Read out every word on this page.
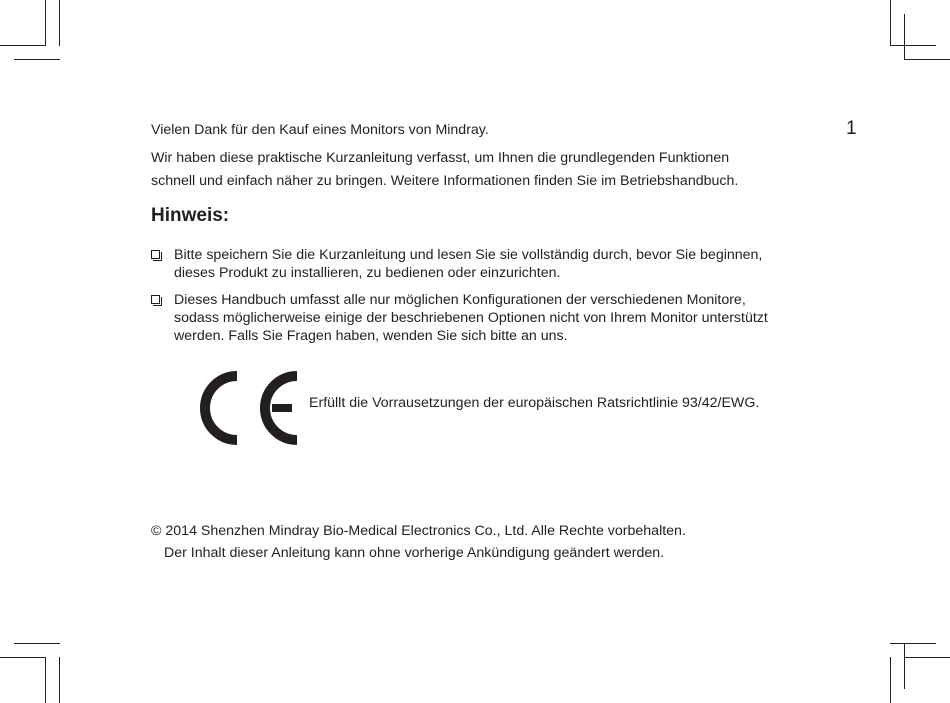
1

Vielen Dank für den Kauf eines Monitors von Mindray.

Wir haben diese praktische Kurzanleitung verfasst, um Ihnen die grundlegenden Funktionen

schnell und einfach näher zu bringen. Weitere Informationen finden Sie im Betriebshandbuch.

Hinweis:
Bitte speichern Sie die Kurzanleitung und lesen Sie sie vollständig durch, bevor Sie beginnen,
dieses Produkt zu installieren, zu bedienen oder einzurichten.
Dieses Handbuch umfasst alle nur möglichen Konfigurationen der verschiedenen Monitore,
sodass möglicherweise einige der beschriebenen Optionen nicht von Ihrem Monitor unterstützt
werden. Falls Sie Fragen haben, wenden Sie sich bitte an uns.
Erfüllt die Vorrausetzungen der europäischen Ratsrichtlinie 93/42/EWG.
© 2014 Shenzhen Mindray Bio-Medical Electronics Co., Ltd. Alle Rechte vorbehalten.
Der Inhalt dieser Anleitung kann ohne vorherige Ankündigung geändert werden.
